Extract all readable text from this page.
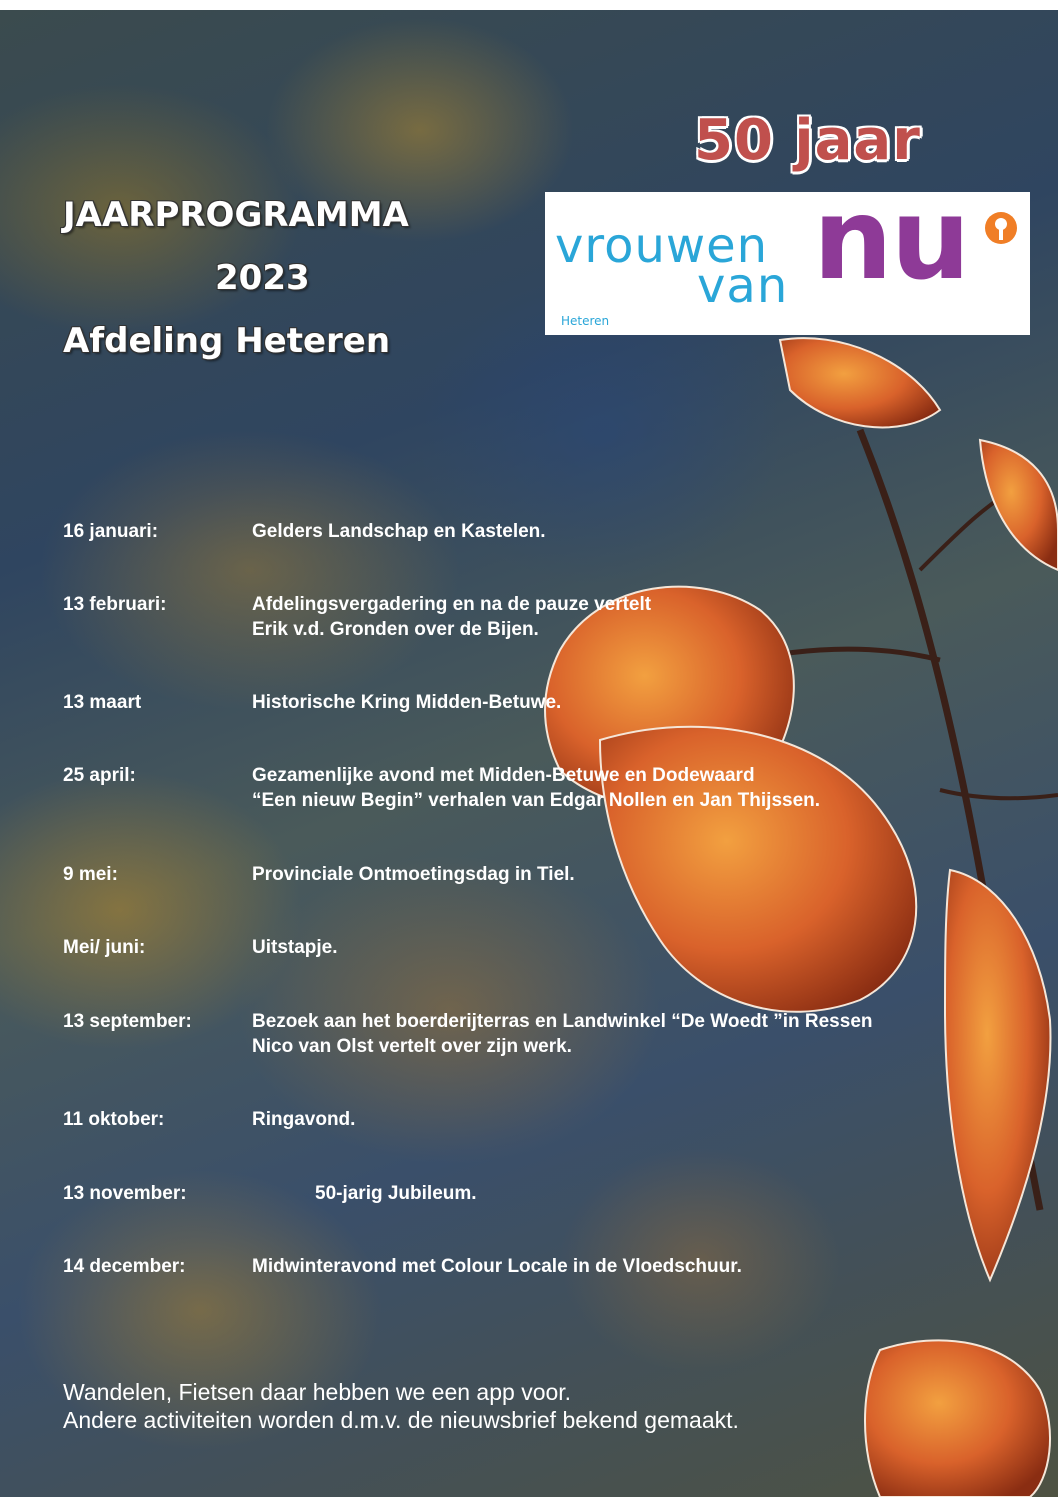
50 jaar
vrouwen
van nu
Heteren
JAARPROGRAMMA
2023
Afdeling Heteren
16 januari:	Gelders Landschap en Kastelen.
13 februari:	Afdelingsvergadering en na de pauze vertelt
Erik v.d. Gronden over de Bijen.
13 maart	Historische Kring Midden-Betuwe.
25 april:	Gezamenlijke avond met Midden-Betuwe en Dodewaard
“Een nieuw Begin” verhalen van Edgar Nollen en Jan Thijssen.
9 mei:	Provinciale Ontmoetingsdag in Tiel.
Mei/ juni:	Uitstapje.
13 september:	Bezoek aan het boerderijterras en Landwinkel “De Woedt ”in Ressen
Nico van Olst vertelt over zijn werk.
11 oktober:	Ringavond.
13 november:	50-jarig Jubileum.
14 december:	Midwinteravond met Colour Locale in de Vloedschuur.
Wandelen, Fietsen daar hebben we een app voor.
Andere activiteiten worden d.m.v. de nieuwsbrief bekend gemaakt.
